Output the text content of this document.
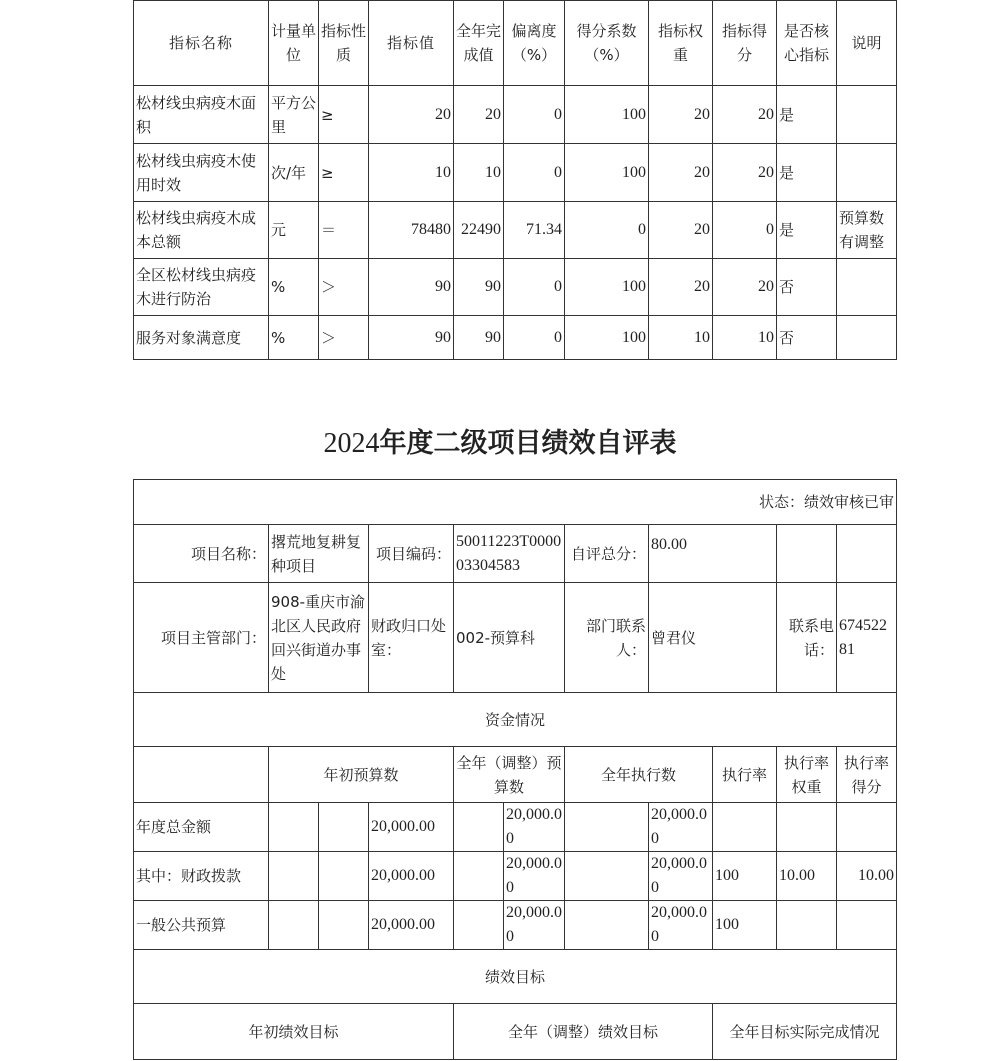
指标名称	计量单位	指标性质	指标值	全年完成值	偏离度（%）	得分系数（%）	指标权重	指标得分	是否核心指标	说明
松材线虫病疫木面积	平方公里	≥	20	20	0	100	20	20	是	
松材线虫病疫木使用时效	次/年	≥	10	10	0	100	20	20	是	
松材线虫病疫木成本总额	元	＝	78480	22490	71.34	0	20	0	是	预算数有调整
全区松材线虫病疫木进行防治	%	＞	90	90	0	100	20	20	否	
服务对象满意度	%	＞	90	90	0	100	10	10	否	
2024年度二级项目绩效自评表
状态：绩效审核已审										
项目名称：	撂荒地复耕复种项目		项目编码：	50011223T000003304583		自评总分：	80.00			
项目主管部门：	908-重庆市渝北区人民政府回兴街道办事处		财政归口处室：	002-预算科		部门联系人：	曾君仪		联系电话：	67452281
资金情况										
	年初预算数			全年（调整）预算数		全年执行数		执行率	执行率权重	执行率得分
年度总金额			20,000.00		20,000.00		20,000.00			
其中：财政拨款			20,000.00		20,000.00		20,000.00	100	10.00	10.00
一般公共预算			20,000.00		20,000.00		20,000.00	100		
绩效目标										
年初绩效目标				全年（调整）绩效目标				全年目标实际完成情况		
